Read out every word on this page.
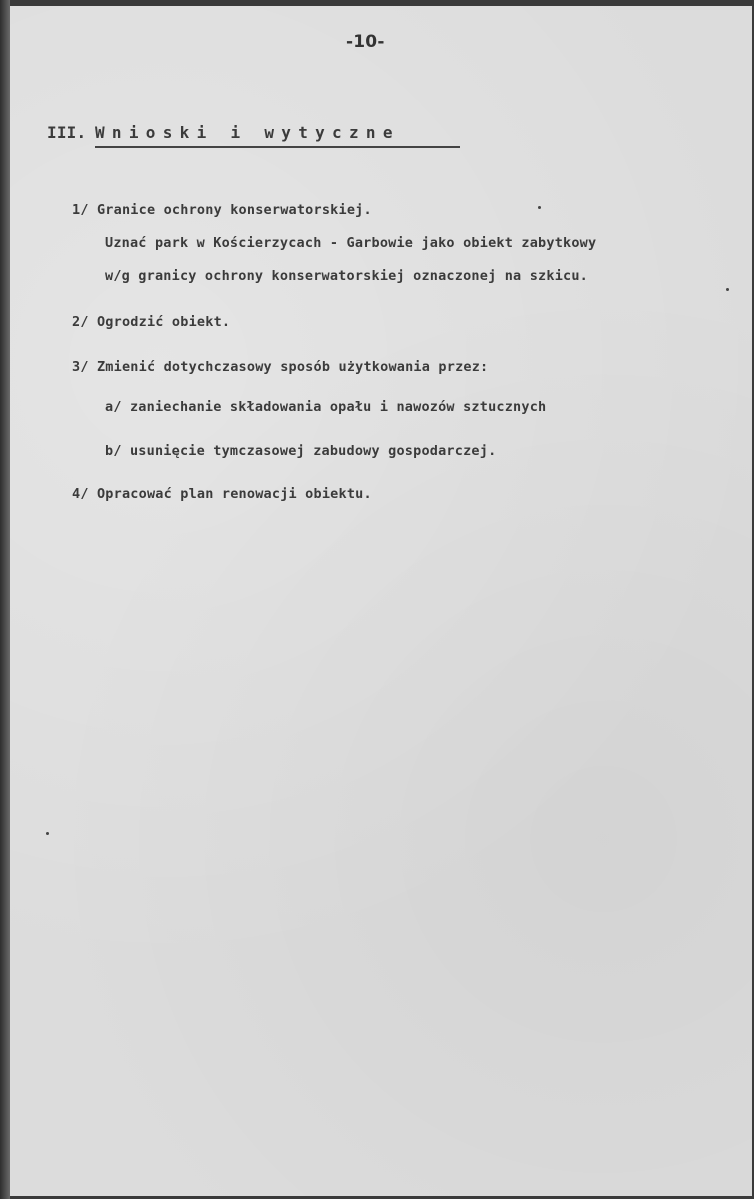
-10-
III. Wnioski i wytyczne
1/ Granice ochrony konserwatorskiej.
Uznać park w Kościerzycach - Garbowie jako obiekt zabytkowy
w/g granicy ochrony konserwatorskiej oznaczonej na szkicu.
2/ Ogrodzić obiekt.
3/ Zmienić dotychczasowy sposób użytkowania przez:
a/ zaniechanie składowania opału i nawozów sztucznych
b/ usunięcie tymczasowej zabudowy gospodarczej.
4/ Opracować plan renowacji obiektu.
